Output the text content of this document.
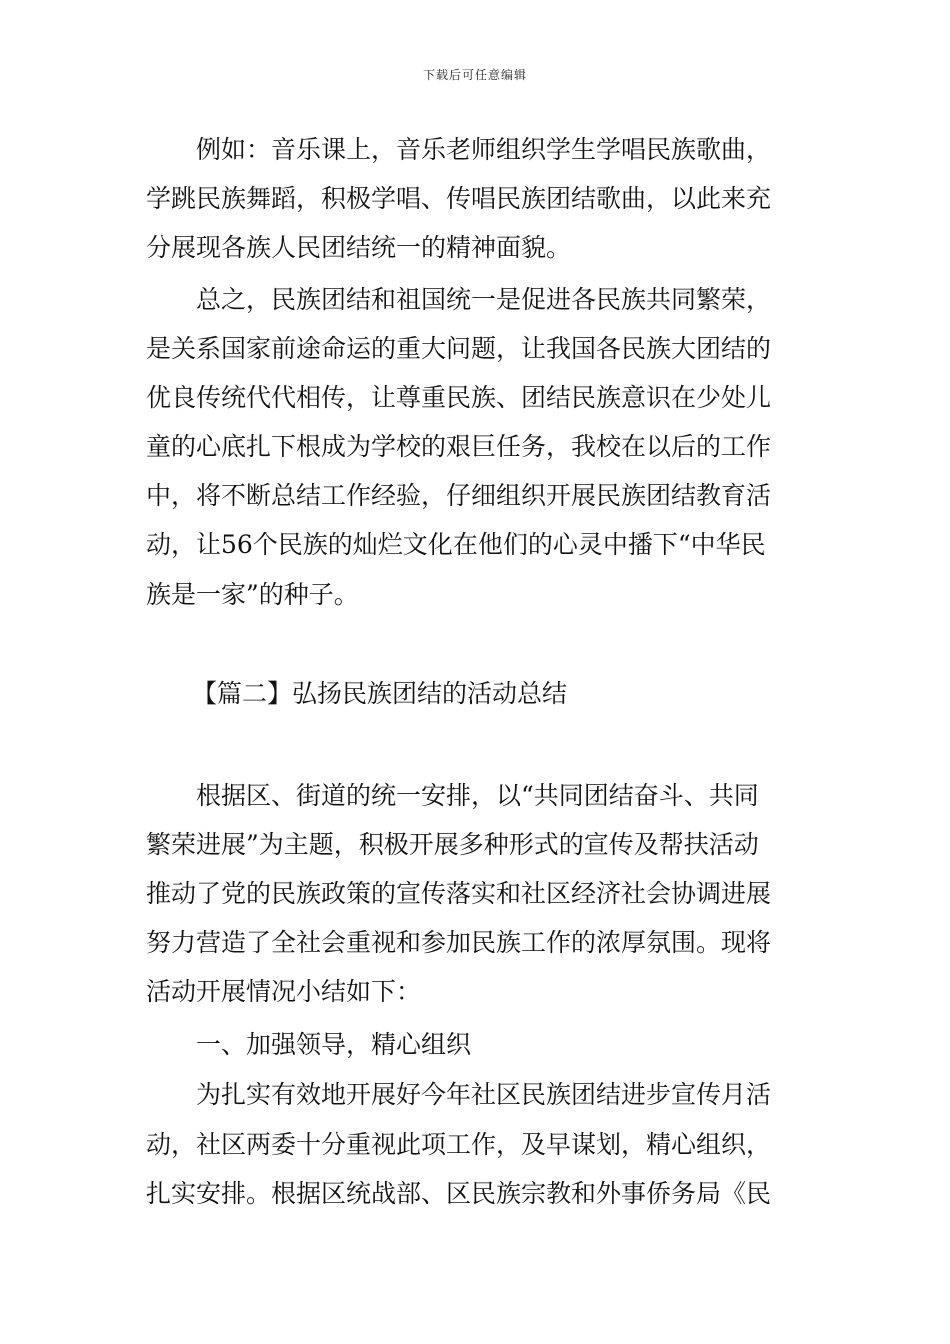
下载后可任意编辑
例如：音乐课上，音乐老师组织学生学唱民族歌曲，
学跳民族舞蹈，积极学唱、传唱民族团结歌曲，以此来充
分展现各族人民团结统一的精神面貌。
总之，民族团结和祖国统一是促进各民族共同繁荣，
是关系国家前途命运的重大问题，让我国各民族大团结的
优良传统代代相传，让尊重民族、团结民族意识在少处儿
童的心底扎下根成为学校的艰巨任务，我校在以后的工作
中，将不断总结工作经验，仔细组织开展民族团结教育活
动，让56个民族的灿烂文化在他们的心灵中播下“中华民
族是一家”的种子。
【篇二】弘扬民族团结的活动总结
根据区、街道的统一安排，以“共同团结奋斗、共同
繁荣进展”为主题，积极开展多种形式的宣传及帮扶活动
推动了党的民族政策的宣传落实和社区经济社会协调进展
努力营造了全社会重视和参加民族工作的浓厚氛围。现将
活动开展情况小结如下：
一、加强领导，精心组织
为扎实有效地开展好今年社区民族团结进步宣传月活
动，社区两委十分重视此项工作，及早谋划，精心组织，
扎实安排。根据区统战部、区民族宗教和外事侨务局《民
